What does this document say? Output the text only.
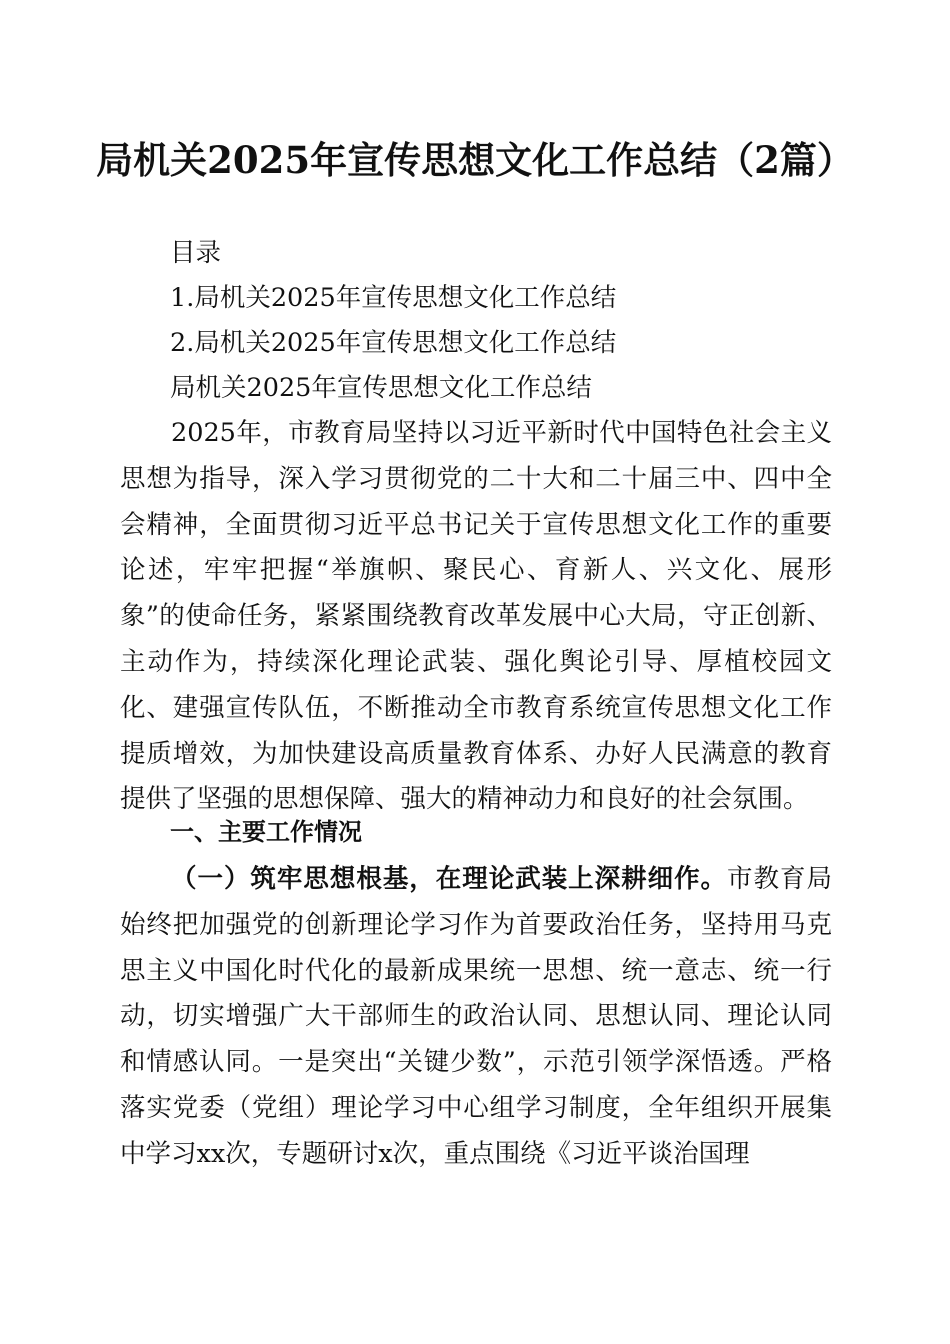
局机关2025年宣传思想文化工作总结（2篇）

目录

1.局机关2025年宣传思想文化工作总结

2.局机关2025年宣传思想文化工作总结

局机关2025年宣传思想文化工作总结

2025年，市教育局坚持以习近平新时代中国特色社会主义思想为指导，深入学习贯彻党的二十大和二十届三中、四中全会精神，全面贯彻习近平总书记关于宣传思想文化工作的重要论述，牢牢把握“举旗帜、聚民心、育新人、兴文化、展形象”的使命任务，紧紧围绕教育改革发展中心大局，守正创新、主动作为，持续深化理论武装、强化舆论引导、厚植校园文化、建强宣传队伍，不断推动全市教育系统宣传思想文化工作提质增效，为加快建设高质量教育体系、办好人民满意的教育提供了坚强的思想保障、强大的精神动力和良好的社会氛围。

一、主要工作情况

（一）筑牢思想根基，在理论武装上深耕细作。市教育局始终把加强党的创新理论学习作为首要政治任务，坚持用马克思主义中国化时代化的最新成果统一思想、统一意志、统一行动，切实增强广大干部师生的政治认同、思想认同、理论认同和情感认同。一是突出“关键少数”，示范引领学深悟透。严格落实党委（党组）理论学习中心组学习制度，全年组织开展集中学习xx次，专题研讨x次，重点围绕《习近平谈治国理
